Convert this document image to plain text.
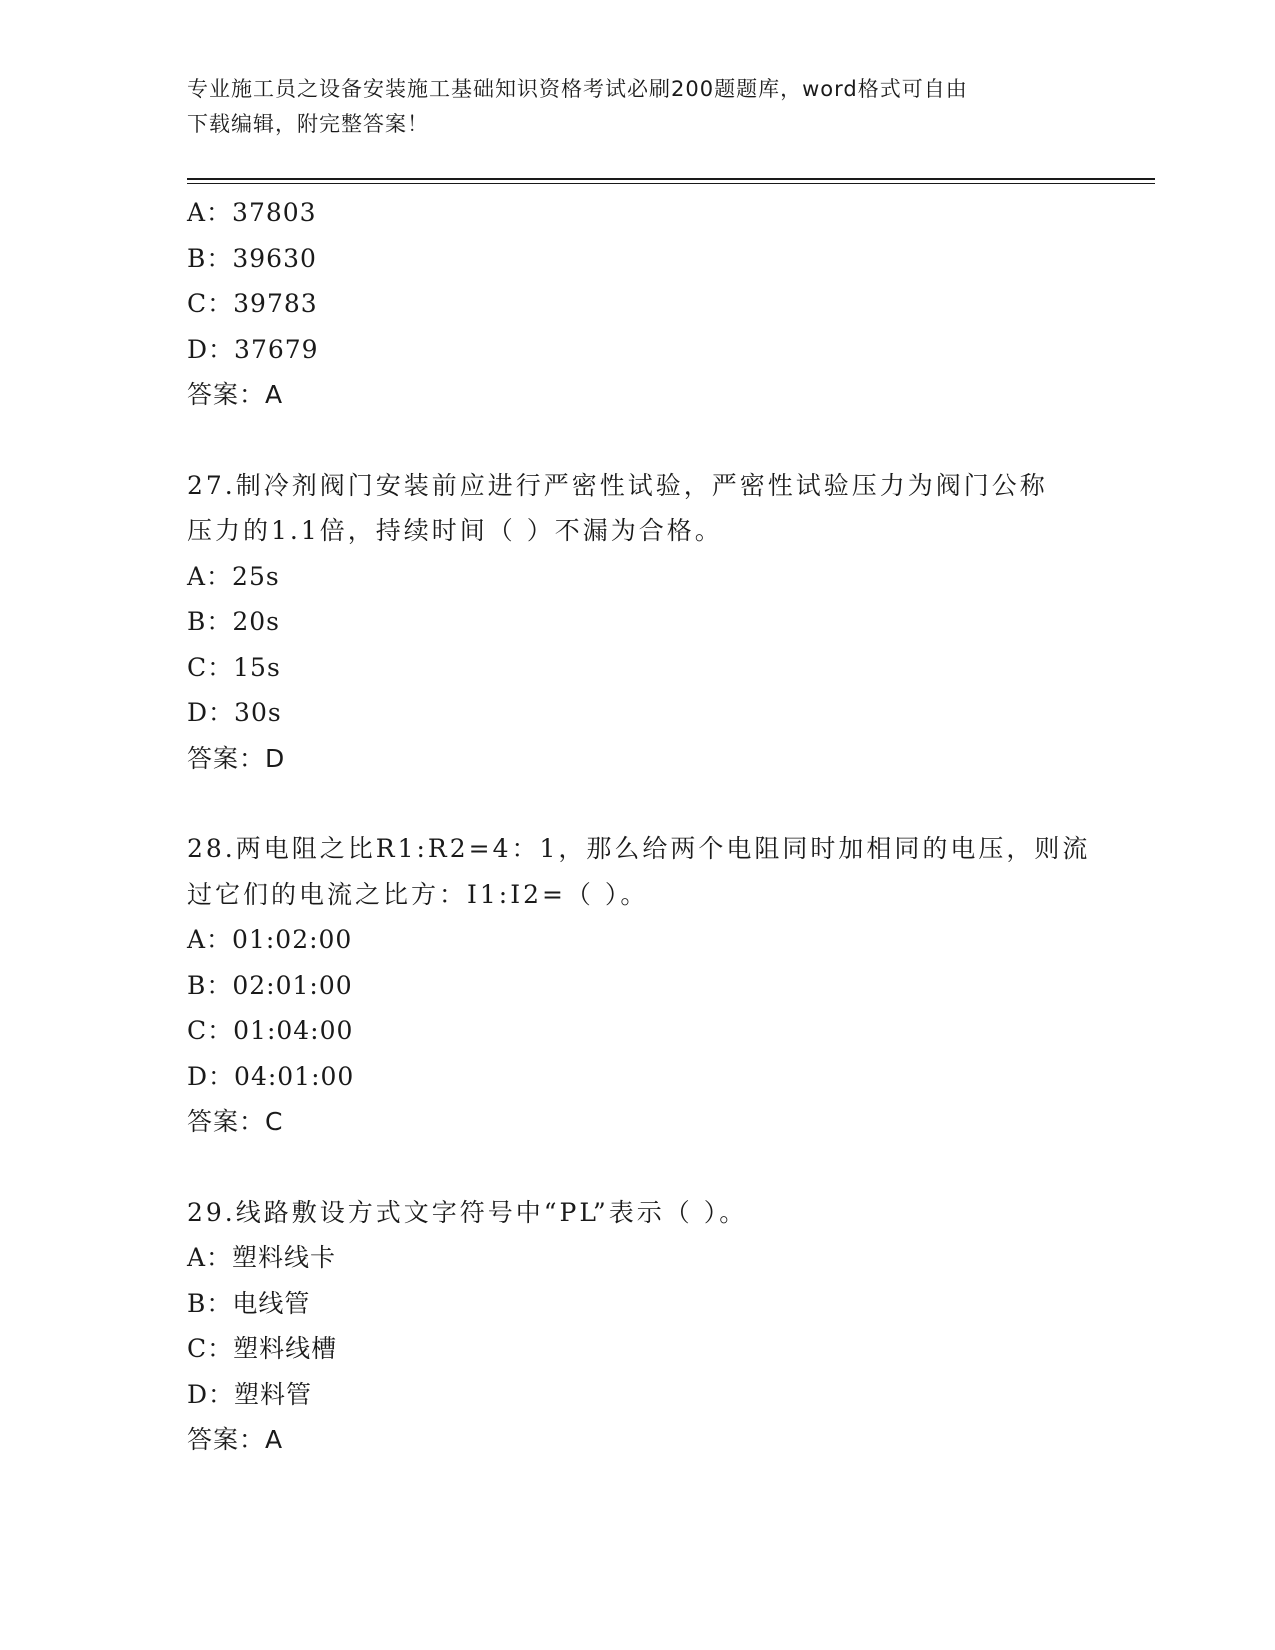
专业施工员之设备安装施工基础知识资格考试必刷200题题库，word格式可自由
下载编辑，附完整答案！
A：37803
B：39630
C：39783
D：37679
答案：A
27.制冷剂阀门安装前应进行严密性试验，严密性试验压力为阀门公称
压力的1.1倍，持续时间（ ）不漏为合格。
A：25s
B：20s
C：15s
D：30s
答案：D
28.两电阻之比R1:R2=4：1，那么给两个电阻同时加相同的电压，则流
过它们的电流之比方：I1:I2=（ ）。
A：01:02:00
B：02:01:00
C：01:04:00
D：04:01:00
答案：C
29.线路敷设方式文字符号中“PL”表示（ ）。
A：塑料线卡
B：电线管
C：塑料线槽
D：塑料管
答案：A
